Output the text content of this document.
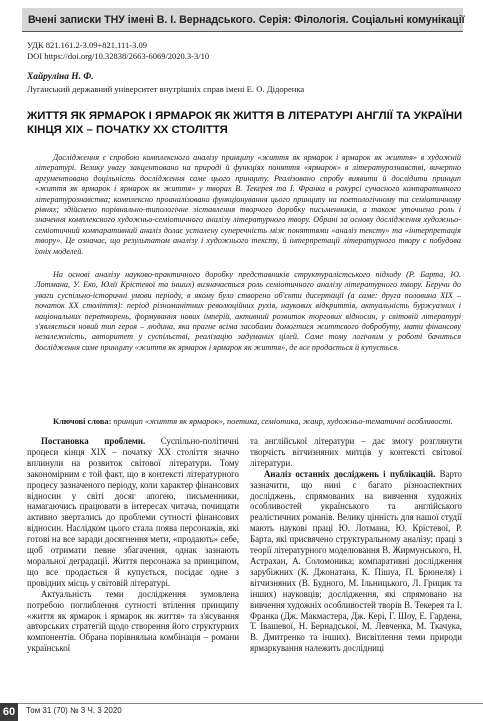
Вчені записки ТНУ імені В. І. Вернадського. Серія: Філологія. Соціальні комунікації
УДК 821.161.2-3.09+821.111-3.09
DOI https://doi.org/10.32838/2663-6069/2020.3-3/10
Хайруліна Н. Ф.
Луганський державний університет внутрішніх справ імені Е. О. Дідоренка
ЖИТТЯ ЯК ЯРМАРОК І ЯРМАРОК ЯК ЖИТТЯ В ЛІТЕРАТУРІ АНГЛІЇ ТА УКРАЇНИ КІНЦЯ ХІХ – ПОЧАТКУ ХХ СТОЛІТТЯ

Дослідження є спробою комплексного аналізу принципу «життя як ярмарок і ярмарок як життя» в художній літературі. Велику увагу закцентовано на природі й функціях поняття «ярмарок» в літературознавстві, вичерпно аргументовано доцільність дослідження саме цього принципу. Реалізовано спробу виявити й дослідити принцип «життя як ярмарок і ярмарок як життя» у творах В. Текерея та І. Франка в ракурсі сучасного компаративного літературознавства; комплексно проаналізовано функціонування цього принципу на поетологічному та семіотичному рівнях; здійснено порівняльно-типологічне зіставлення творчого доробку письменників, а також уточнено роль і значення комплексного художньо-семіотичного аналізу літературного твору. Обрані за основу дослідження художньо-семіотичний компаративний аналіз долає усталену суперечність між поняттями «аналіз тексту» та «інтерпретація твору». Це означає, що результатом аналізу і художнього тексту, й інтерпретації літературного твору є побудова їхніх моделей.

На основі аналізу науково-практичного доробку представників структуралістського підходу (Р. Барта, Ю. Лотмана, У. Еко, Юлії Крістевої та інших) визначається роль семіотичного аналізу літературного твору. Беручи до уваги суспільно-історичні умови періоду, в якому було створено об'єкти дисертації (а саме: друга половина ХІХ – початок ХХ століття): період різноманітних революційних рухів, наукових відкриттів, актуальність буржуазних і національних перетворень, формування нових імперій, активний розвиток торгових відносин, у світовій літературі з'являється новий тип героя – людина, яка прагне всіма засобами домогтися життєвого добробуту, мати фінансову незалежність, авторитет у суспільстві, реалізацію задуманих цілей. Саме тому логічним у роботі бачиться дослідження саме принципу «життя як ярмарок і ярмарок як життя», де все продається й купується.

Ключові слова: принцип «життя як ярмарок», поетика, семіотика, жанр, художньо-тематичні особливості.

Постановка проблеми. Суспільно-політичні процеси кінця ХІХ – початку ХХ століття значно вплинули на розвиток світової літератури. Тому закономірним є той факт, що в контексті літературного процесу зазначеного періоду, коли характер фінансових відносин у світі досяг апогею, письменники, намагаючись працювати в інтересах читача, почищати активно звертались до проблеми сутності фінансових відносин. Наслідком цього стала поява персонажів, які готові на все заради досягнення мети, «продають» себе, щоб отримати певне збагачення, однак зазнають моральної деградації. Життя персонажа за принципом, що все продається й купується, посідає одне з провідних місць у світовій літературі.

Актуальність теми дослідження зумовлена потребою поглиблення сутності втілення принципу «життя як ярмарок і ярмарок як життя» та з'ясування авторських стратегій щодо створення його структурних компонентів. Обрана порівняльна комбінація – романи української

та англійської літератури – дає змогу розглянути творчість вітчизняних митців у контексті світової літератури.

Аналіз останніх досліджень і публікацій. Варто зазначити, що нині є багато різноаспектних досліджень, спрямованих на вивчення художніх особливостей українського та англійського реалістичних романів. Велику цінність для нашої студії мають наукові праці Ю. Лотмана, Ю. Крістевої, Р. Барта, які присвячено структуральному аналізу; праці з теорії літературного моделювання В. Жирмунського, Н. Астрахан, А. Соломоника; компаративні дослідження зарубіжних (К. Джонатана, К. Пішуа, П. Брюнеля) і вітчизняних (В. Будного, М. Ільницького, Л. Грицик та інших) науковців; дослідження, які спрямовано на вивчення художніх особливостей творів В. Текерея та І. Франка (Дж. Макмастера, Дж. Кері, Г. Шоу, Е. Гардена, Т. Івашевої, Н. Бернадської, М. Левченка, М. Ткачука, В. Дмитренко та інших). Висвітлення теми природи ярмаркування належить дослідниці

60	Том 31 (70) № 3 Ч. 3 2020
